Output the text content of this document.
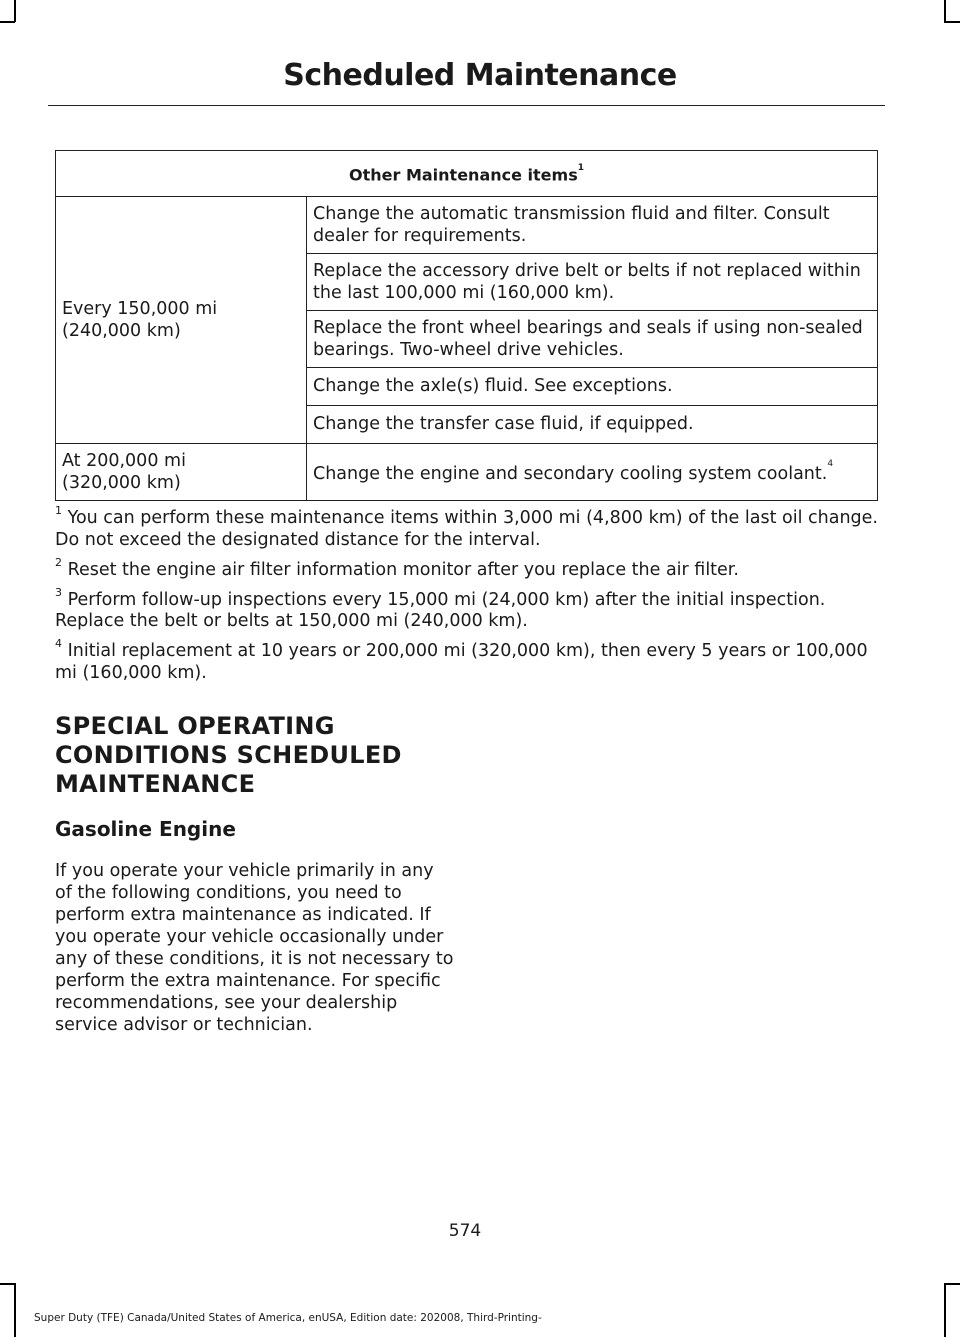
Scheduled Maintenance
Other Maintenance items$^1$

Every 150,000 mi
(240,000 km)	Change the automatic transmission fluid and filter. Consult dealer for requirements.
	Replace the accessory drive belt or belts if not replaced within the last 100,000 mi (160,000 km).
	Replace the front wheel bearings and seals if using non-sealed bearings. Two-wheel drive vehicles.
	Change the axle(s) fluid. See exceptions.
	Change the transfer case fluid, if equipped.

At 200,000 mi
(320,000 km)	Change the engine and secondary cooling system coolant.$^4$

$^1$ You can perform these maintenance items within 3,000 mi (4,800 km) of the last oil change. Do not exceed the designated distance for the interval.

$^2$ Reset the engine air filter information monitor after you replace the air filter.

$^3$ Perform follow-up inspections every 15,000 mi (24,000 km) after the initial inspection. Replace the belt or belts at 150,000 mi (240,000 km).

$^4$ Initial replacement at 10 years or 200,000 mi (320,000 km), then every 5 years or 100,000 mi (160,000 km).

SPECIAL OPERATING
CONDITIONS SCHEDULED
MAINTENANCE
Gasoline Engine

If you operate your vehicle primarily in any of the following conditions, you need to perform extra maintenance as indicated. If you operate your vehicle occasionally under any of these conditions, it is not necessary to perform the extra maintenance. For specific recommendations, see your dealership service advisor or technician.

574
Super Duty (TFE) Canada/United States of America, enUSA, Edition date: 202008, Third-Printing-
